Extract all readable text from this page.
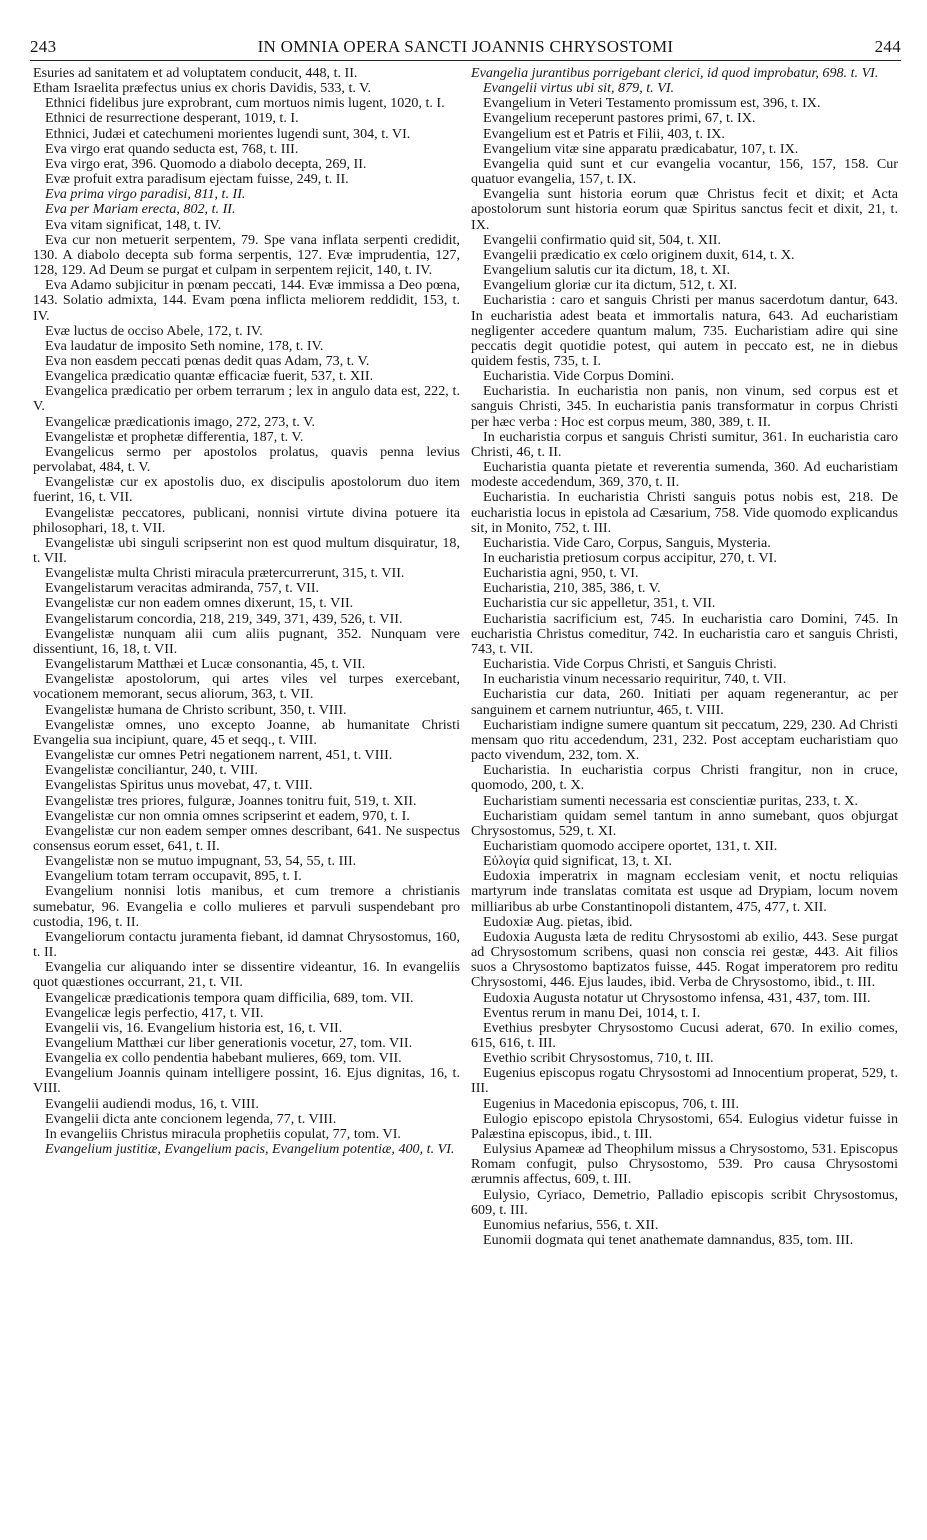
243	IN OMNIA OPERA SANCTI JOANNIS CHRYSOSTOMI	244

Esuries ad sanitatem et ad voluptatem conducit, 448, t. II.

Etham Israelita præfectus unius ex choris Davidis, 533, t. V.

Ethnici fidelibus jure exprobrant, cum mortuos nimis lugent, 1020, t. I.

Ethnici de resurrectione desperant, 1019, t. I.

Ethnici, Judæi et catechumeni morientes lugendi sunt, 304, t. VI.

Eva virgo erat quando seducta est, 768, t. III.

Eva virgo erat, 396. Quomodo a diabolo decepta, 269, II.

Evæ profuit extra paradisum ejectam fuisse, 249, t. II.

Eva prima virgo paradisi, 811, t. II.

Eva per Mariam erecta, 802, t. II.

Eva vitam significat, 148, t. IV.

Eva cur non metuerit serpentem, 79. Spe vana inflata serpenti credidit, 130. A diabolo decepta sub forma serpentis, 127. Evæ imprudentia, 127, 128, 129. Ad Deum se purgat et culpam in serpentem rejicit, 140, t. IV.

Eva Adamo subjicitur in pœnam peccati, 144. Evæ immissa a Deo pœna, 143. Solatio admixta, 144. Evam pœna inflicta meliorem reddidit, 153, t. IV.

Evæ luctus de occiso Abele, 172, t. IV.

Eva laudatur de imposito Seth nomine, 178, t. IV.

Eva non easdem peccati pœnas dedit quas Adam, 73, t. V.

Evangelica prædicatio quantæ efficaciæ fuerit, 537, t. XII.

Evangelica prædicatio per orbem terrarum ; lex in angulo data est, 222, t. V.

Evangelicæ prædicationis imago, 272, 273, t. V.

Evangelistæ et prophetæ differentia, 187, t. V.

Evangelicus sermo per apostolos prolatus, quavis penna levius pervolabat, 484, t. V.

Evangelistæ cur ex apostolis duo, ex discipulis apostolorum duo item fuerint, 16, t. VII.

Evangelistæ peccatores, publicani, nonnisi virtute divina potuere ita philosophari, 18, t. VII.

Evangelistæ ubi singuli scripserint non est quod multum disquiratur, 18, t. VII.

Evangelistæ multa Christi miracula prætercurrerunt, 315, t. VII.

Evangelistarum veracitas admiranda, 757, t. VII.

Evangelistæ cur non eadem omnes dixerunt, 15, t. VII.

Evangelistarum concordia, 218, 219, 349, 371, 439, 526, t. VII.

Evangelistæ nunquam alii cum aliis pugnant, 352. Nunquam vere dissentiunt, 16, 18, t. VII.

Evangelistarum Matthæi et Lucæ consonantia, 45, t. VII.

Evangelistæ apostolorum, qui artes viles vel turpes exercebant, vocationem memorant, secus aliorum, 363, t. VII.

Evangelistæ humana de Christo scribunt, 350, t. VIII.

Evangelistæ omnes, uno excepto Joanne, ab humanitate Christi Evangelia sua incipiunt, quare, 45 et seqq., t. VIII.

Evangelistæ cur omnes Petri negationem narrent, 451, t. VIII.

Evangelistæ conciliantur, 240, t. VIII.

Evangelistas Spiritus unus movebat, 47, t. VIII.

Evangelistæ tres priores, fulguræ, Joannes tonitru fuit, 519, t. XII.

Evangelistæ cur non omnia omnes scripserint et eadem, 970, t. I.

Evangelistæ cur non eadem semper omnes describant, 641. Ne suspectus consensus eorum esset, 641, t. II.

Evangelistæ non se mutuo impugnant, 53, 54, 55, t. III.

Evangelium totam terram occupavit, 895, t. I.

Evangelium nonnisi lotis manibus, et cum tremore a christianis sumebatur, 96. Evangelia e collo mulieres et parvuli suspendebant pro custodia, 196, t. II.

Evangeliorum contactu juramenta fiebant, id damnat Chrysostomus, 160, t. II.

Evangelia cur aliquando inter se dissentire videantur, 16. In evangeliis quot quæstiones occurrant, 21, t. VII.

Evangelicæ prædicationis tempora quam difficilia, 689, tom. VII.

Evangelicæ legis perfectio, 417, t. VII.

Evangelii vis, 16. Evangelium historia est, 16, t. VII.

Evangelium Matthæi cur liber generationis vocetur, 27, tom. VII.

Evangelia ex collo pendentia habebant mulieres, 669, tom. VII.

Evangelium Joannis quinam intelligere possint, 16. Ejus dignitas, 16, t. VIII.

Evangelii audiendi modus, 16, t. VIII.

Evangelii dicta ante concionem legenda, 77, t. VIII.

In evangeliis Christus miracula prophetiis copulat, 77, tom. VI.

Evangelium justitiæ, Evangelium pacis, Evangelium potentiæ, 400, t. VI.

Evangelia jurantibus porrigebant clerici, id quod improbatur, 698. t. VI.

Evangelii virtus ubi sit, 879, t. VI.

Evangelium in Veteri Testamento promissum est, 396, t. IX.

Evangelium receperunt pastores primi, 67, t. IX.

Evangelium est et Patris et Filii, 403, t. IX.

Evangelium vitæ sine apparatu prædicabatur, 107, t. IX.

Evangelia quid sunt et cur evangelia vocantur, 156, 157, 158. Cur quatuor evangelia, 157, t. IX.

Evangelia sunt historia eorum quæ Christus fecit et dixit; et Acta apostolorum sunt historia eorum quæ Spiritus sanctus fecit et dixit, 21, t. IX.

Evangelii confirmatio quid sit, 504, t. XII.

Evangelii prædicatio ex cœlo originem duxit, 614, t. X.

Evangelium salutis cur ita dictum, 18, t. XI.

Evangelium gloriæ cur ita dictum, 512, t. XI.

Eucharistia : caro et sanguis Christi per manus sacerdotum dantur, 643. In eucharistia adest beata et immortalis natura, 643. Ad eucharistiam negligenter accedere quantum malum, 735. Eucharistiam adire qui sine peccatis degit quotidie potest, qui autem in peccato est, ne in diebus quidem festis, 735, t. I.

Eucharistia. Vide Corpus Domini.

Eucharistia. In eucharistia non panis, non vinum, sed corpus est et sanguis Christi, 345. In eucharistia panis transformatur in corpus Christi per hæc verba : Hoc est corpus meum, 380, 389, t. II.

In eucharistia corpus et sanguis Christi sumitur, 361. In eucharistia caro Christi, 46, t. II.

Eucharistia quanta pietate et reverentia sumenda, 360. Ad eucharistiam modeste accedendum, 369, 370, t. II.

Eucharistia. In eucharistia Christi sanguis potus nobis est, 218. De eucharistia locus in epistola ad Cæsarium, 758. Vide quomodo explicandus sit, in Monito, 752, t. III.

Eucharistia. Vide Caro, Corpus, Sanguis, Mysteria.

In eucharistia pretiosum corpus accipitur, 270, t. VI.

Eucharistia agni, 950, t. VI.

Eucharistia, 210, 385, 386, t. V.

Eucharistia cur sic appelletur, 351, t. VII.

Eucharistia sacrificium est, 745. In eucharistia caro Domini, 745. In eucharistia Christus comeditur, 742. In eucharistia caro et sanguis Christi, 743, t. VII.

Eucharistia. Vide Corpus Christi, et Sanguis Christi.

In eucharistia vinum necessario requiritur, 740, t. VII.

Eucharistia cur data, 260. Initiati per aquam regenerantur, ac per sanguinem et carnem nutriuntur, 465, t. VIII.

Eucharistiam indigne sumere quantum sit peccatum, 229, 230. Ad Christi mensam quo ritu accedendum, 231, 232. Post acceptam eucharistiam quo pacto vivendum, 232, tom. X.

Eucharistia. In eucharistia corpus Christi frangitur, non in cruce, quomodo, 200, t. X.

Eucharistiam sumenti necessaria est conscientiæ puritas, 233, t. X.

Eucharistiam quidam semel tantum in anno sumebant, quos objurgat Chrysostomus, 529, t. XI.

Eucharistiam quomodo accipere oportet, 131, t. XII.

Εὐλογία quid significat, 13, t. XI.

Eudoxia imperatrix in magnam ecclesiam venit, et noctu reliquias martyrum inde translatas comitata est usque ad Drypiam, locum novem milliaribus ab urbe Constantinopoli distantem, 475, 477, t. XII.

Eudoxiæ Aug. pietas, ibid.

Eudoxia Augusta læta de reditu Chrysostomi ab exilio, 443. Sese purgat ad Chrysostomum scribens, quasi non conscia rei gestæ, 443. Ait filios suos a Chrysostomo baptizatos fuisse, 445. Rogat imperatorem pro reditu Chrysostomi, 446. Ejus laudes, ibid. Verba de Chrysostomo, ibid., t. III.

Eudoxia Augusta notatur ut Chrysostomo infensa, 431, 437, tom. III.

Eventus rerum in manu Dei, 1014, t. I.

Evethius presbyter Chrysostomo Cucusi aderat, 670. In exilio comes, 615, 616, t. III.

Evethio scribit Chrysostomus, 710, t. III.

Eugenius episcopus rogatu Chrysostomi ad Innocentium properat, 529, t. III.

Eugenius in Macedonia episcopus, 706, t. III.

Eulogio episcopo epistola Chrysostomi, 654. Eulogius videtur fuisse in Palæstina episcopus, ibid., t. III.

Eulysius Apameæ ad Theophilum missus a Chrysostomo, 531. Episcopus Romam confugit, pulso Chrysostomo, 539. Pro causa Chrysostomi ærumnis affectus, 609, t. III.

Eulysio, Cyriaco, Demetrio, Palladio episcopis scribit Chrysostomus, 609, t. III.

Eunomius nefarius, 556, t. XII.

Eunomii dogmata qui tenet anathemate damnandus, 835, tom. III.
